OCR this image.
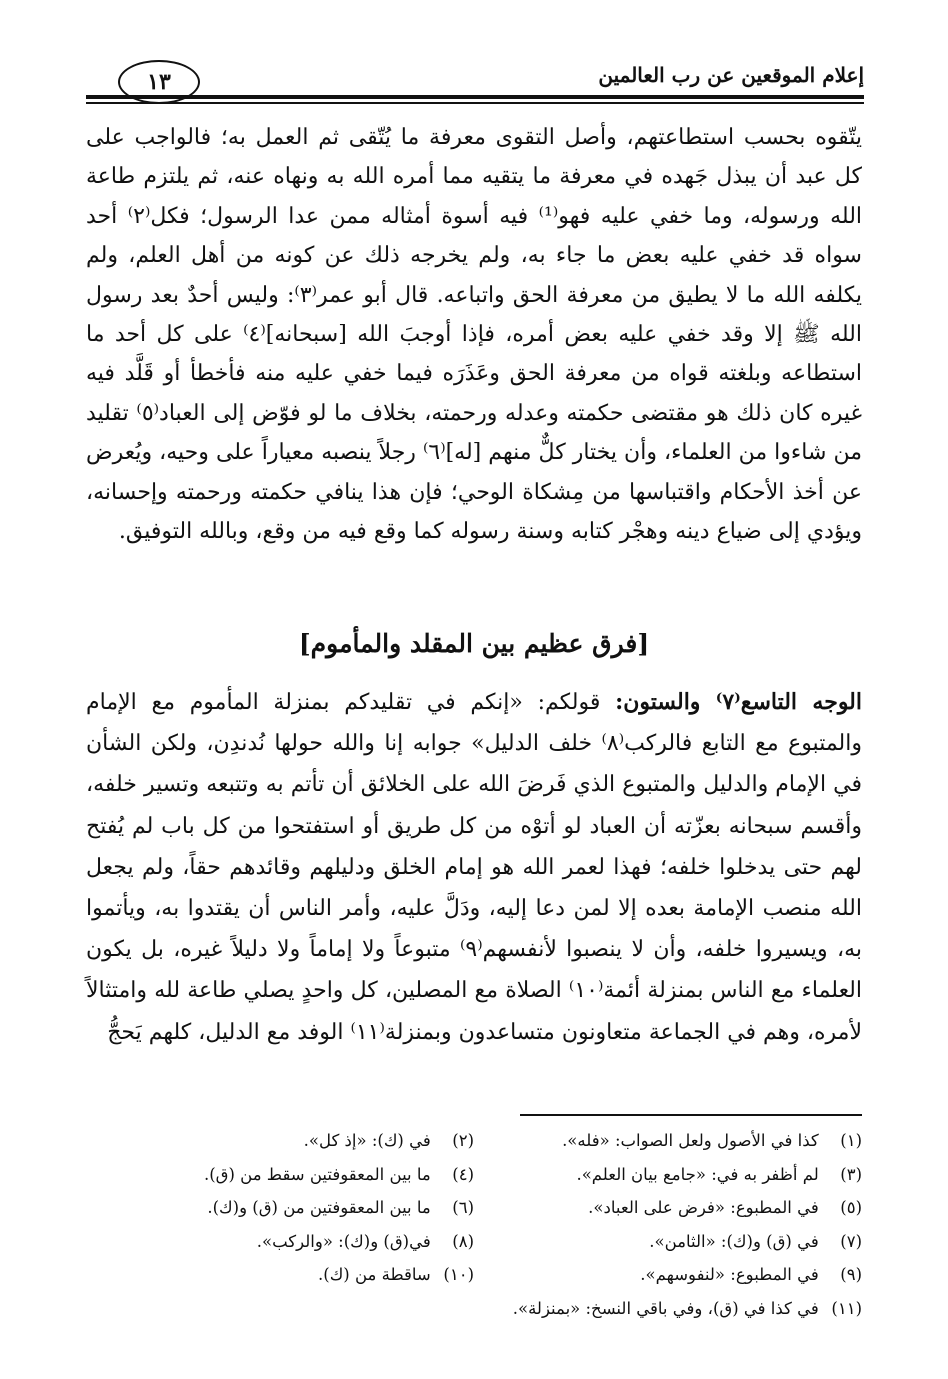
إعلام الموقعين عن رب العالمين
١٣

يتّقوه بحسب استطاعتهم، وأصل التقوى معرفة ما يُتّقى ثم العمل به؛ فالواجب على كل عبد أن يبذل جَهده في معرفة ما يتقيه مما أمره الله به ونهاه عنه، ثم يلتزم طاعة الله ورسوله، وما خفي عليه فهو⁽¹⁾ فيه أسوة أمثاله ممن عدا الرسول؛ فكل⁽٢⁾ أحد سواه قد خفي عليه بعض ما جاء به، ولم يخرجه ذلك عن كونه من أهل العلم، ولم يكلفه الله ما لا يطيق من معرفة الحق واتباعه. قال أبو عمر⁽٣⁾: وليس أحدٌ بعد رسول الله ﷺ إلا وقد خفي عليه بعض أمره، فإذا أوجبَ الله [سبحانه]⁽٤⁾ على كل أحد ما استطاعه وبلغته قواه من معرفة الحق وعَذَرَه فيما خفي عليه منه فأخطأ أو قَلَّد فيه غيره كان ذلك هو مقتضى حكمته وعدله ورحمته، بخلاف ما لو فوّض إلى العباد⁽٥⁾ تقليد من شاءوا من العلماء، وأن يختار كلٌّ منهم [له]⁽٦⁾ رجلاً ينصبه معياراً على وحيه، ويُعرض عن أخذ الأحكام واقتباسها من مِشكاة الوحي؛ فإن هذا ينافي حكمته ورحمته وإحسانه، ويؤدي إلى ضياع دينه وهجْر كتابه وسنة رسوله كما وقع فيه من وقع، وبالله التوفيق.

[فرق عظيم بين المقلد والمأموم]

الوجه التاسع⁽٧⁾ والستون: قولكم: «إنكم في تقليدكم بمنزلة المأموم مع الإمام والمتبوع مع التابع فالركب⁽٨⁾ خلف الدليل» جوابه إنا والله حولها نُدندِن، ولكن الشأن في الإمام والدليل والمتبوع الذي فَرضَ الله على الخلائق أن تأتم به وتتبعه وتسير خلفه، وأقسم سبحانه بعزّته أن العباد لو أتوْه من كل طريق أو استفتحوا من كل باب لم يُفتح لهم حتى يدخلوا خلفه؛ فهذا لعمر الله هو إمام الخلق ودليلهم وقائدهم حقاً، ولم يجعل الله منصب الإمامة بعده إلا لمن دعا إليه، ودَلَّ عليه، وأمر الناس أن يقتدوا به، ويأتموا به، ويسيروا خلفه، وأن لا ينصبوا لأنفسهم⁽٩⁾ متبوعاً ولا إماماً ولا دليلاً غيره، بل يكون العلماء مع الناس بمنزلة أئمة⁽١٠⁾ الصلاة مع المصلين، كل واحدٍ يصلي طاعة لله وامتثالاً لأمره، وهم في الجماعة متعاونون متساعدون وبمنزلة⁽١١⁾ الوفد مع الدليل، كلهم يَحجُّ

(١) كذا في الأصول ولعل الصواب: «فله».
(٢) في (ك): «إذ كل».
(٣) لم أظفر به في: «جامع بيان العلم».
(٤) ما بين المعقوفتين سقط من (ق).
(٥) في المطبوع: «فرض على العباد».
(٦) ما بين المعقوفتين من (ق) و(ك).
(٧) في (ق) و(ك): «الثامن».
(٨) في(ق) و(ك): «والركب».
(٩) في المطبوع: «لنفوسهم».
(١٠) ساقطة من (ك).
(١١) في كذا في (ق)، وفي باقي النسخ: «بمنزلة».
